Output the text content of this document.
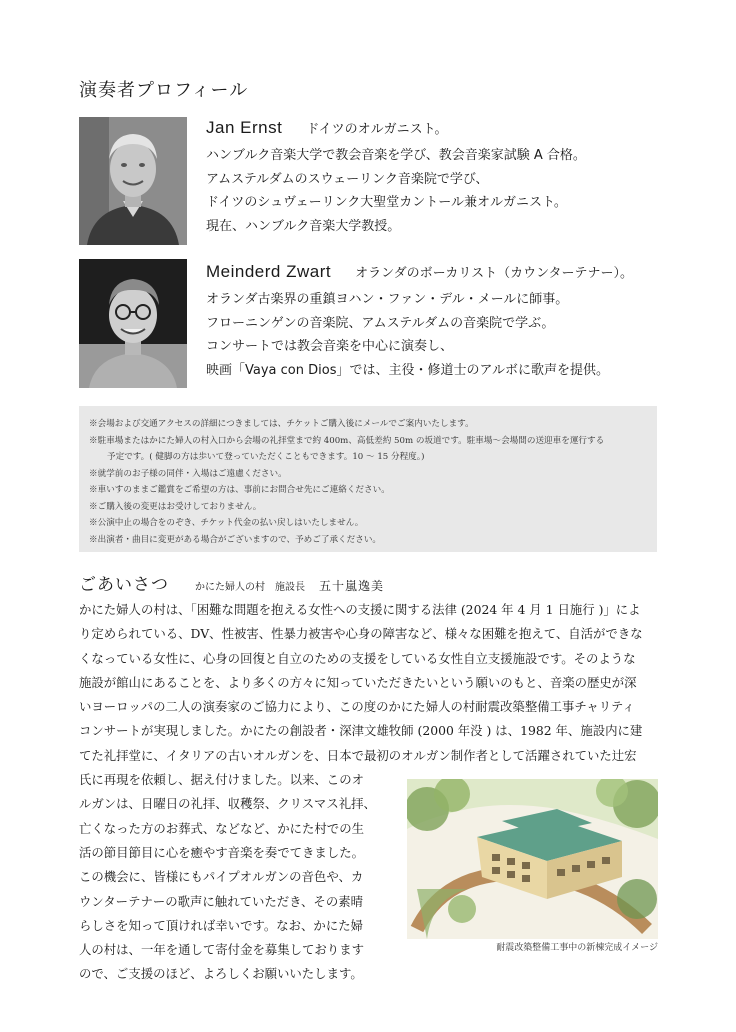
演奏者プロフィール
Jan Ernst ドイツのオルガニスト。
ハンブルク音楽大学で教会音楽を学び、教会音楽家試験 A 合格。
アムステルダムのスウェーリンク音楽院で学び、
ドイツのシュヴェーリンク大聖堂カントール兼オルガニスト。
現在、ハンブルク音楽大学教授。
Meinderd Zwart オランダのボーカリスト（カウンターテナー）。
オランダ古楽界の重鎮ヨハン・ファン・デル・メールに師事。
フローニンゲンの音楽院、アムステルダムの音楽院で学ぶ。
コンサートでは教会音楽を中心に演奏し、
映画「Vaya con Dios」では、主役・修道士のアルボに歌声を提供。
※会場および交通アクセスの詳細につきましては、チケットご購入後にメールでご案内いたします。
※駐車場またはかにた婦人の村入口から会場の礼拝堂まで約 400m、高低差約 50m の坂道です。駐車場～会場間の送迎車を運行する
予定です。( 健脚の方は歩いて登っていただくこともできます。10 ～ 15 分程度。)
※就学前のお子様の同伴・入場はご遠慮ください。
※車いすのままご鑑賞をご希望の方は、事前にお問合せ先にご連絡ください。
※ご購入後の変更はお受けしておりません。
※公演中止の場合をのぞき、チケット代金の払い戻しはいたしません。
※出演者・曲目に変更がある場合がございますので、予めご了承ください。
ごあいさつ	かにた婦人の村　施設長 五十嵐逸美
かにた婦人の村は、「困難な問題を抱える女性への支援に関する法律 (2024 年 4 月 1 日施行 )」によ
り定められている、DV、性被害、性暴力被害や心身の障害など、様々な困難を抱えて、自活ができな
くなっている女性に、心身の回復と自立のための支援をしている女性自立支援施設です。そのような
施設が館山にあることを、より多くの方々に知っていただきたいという願いのもと、音楽の歴史が深
いヨーロッパの二人の演奏家のご協力により、この度のかにた婦人の村耐震改築整備工事チャリティ
コンサートが実現しました。かにたの創設者・深津文雄牧師 (2000 年没 ) は、1982 年、施設内に建
てた礼拝堂に、イタリアの古いオルガンを、日本で最初のオルガン制作者として活躍されていた辻宏
氏に再現を依頼し、据え付けました。以来、このオ
ルガンは、日曜日の礼拝、収穫祭、クリスマス礼拝、
亡くなった方のお葬式、などなど、かにた村での生
活の節目節目に心を癒やす音楽を奏でてきました。
この機会に、皆様にもパイプオルガンの音色や、カ
ウンターテナーの歌声に触れていただき、その素晴
らしさを知って頂ければ幸いです。なお、かにた婦
人の村は、一年を通して寄付金を募集しております
ので、ご支援のほど、よろしくお願いいたします。
耐震改築整備工事中の新棟完成イメージ
